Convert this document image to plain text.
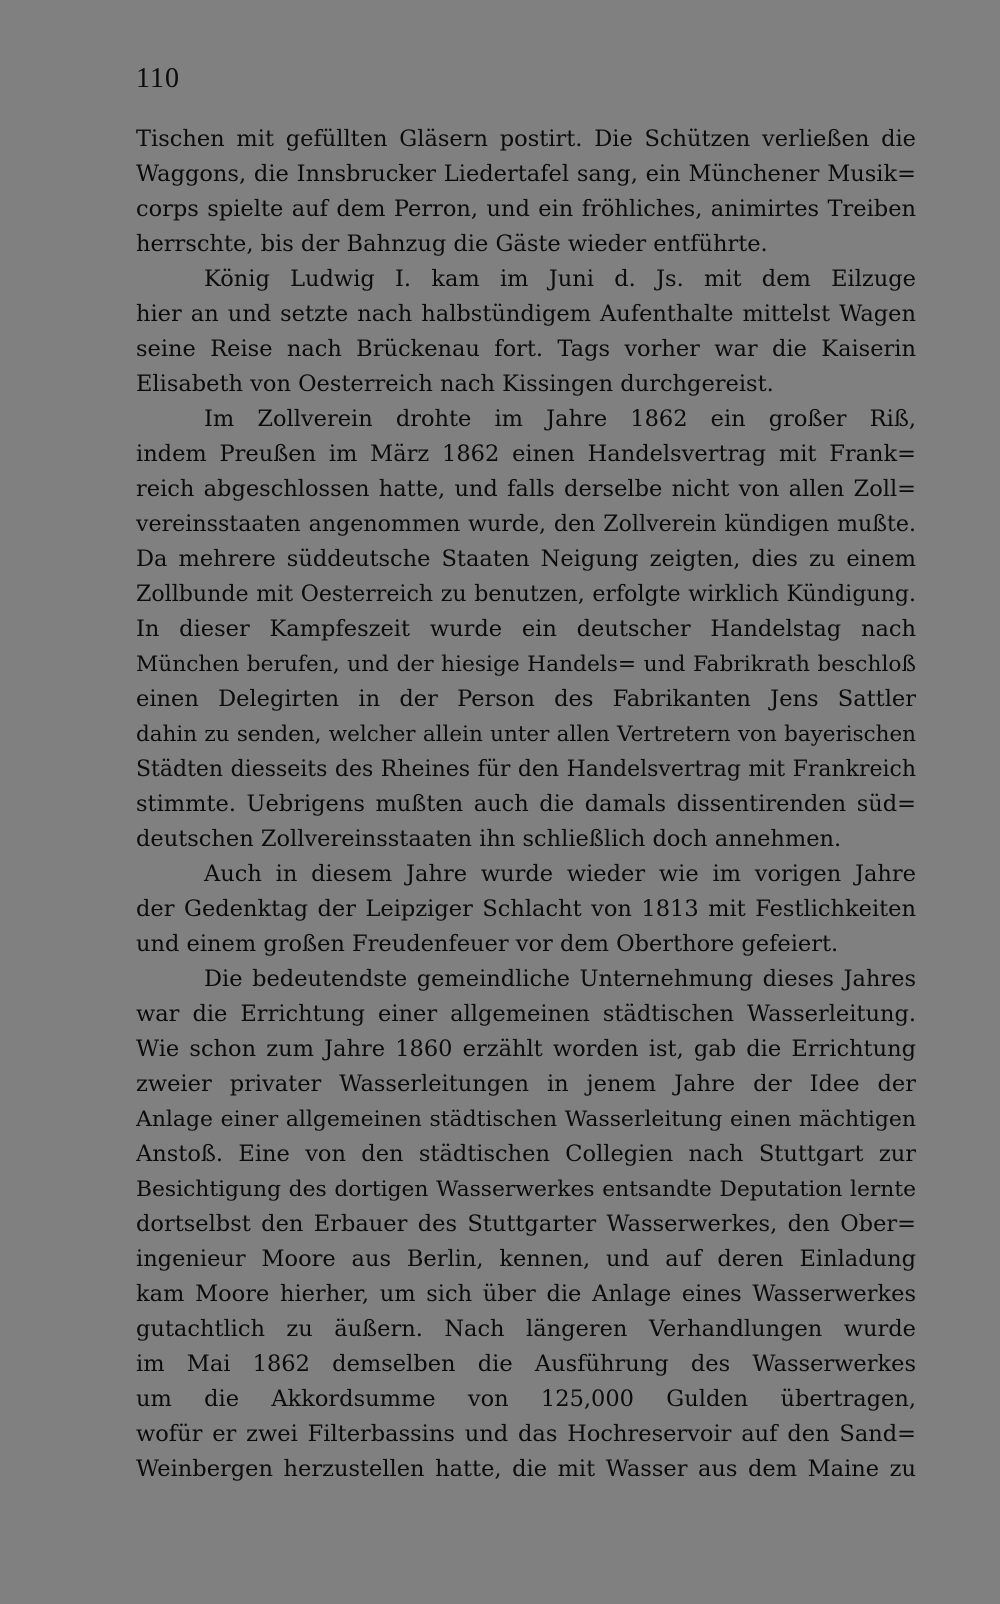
110
Tischen mit gefüllten Gläsern postirt. Die Schützen verließen die
Waggons, die Innsbrucker Liedertafel sang, ein Münchener Musik=
corps spielte auf dem Perron, und ein fröhliches, animirtes Treiben
herrschte, bis der Bahnzug die Gäste wieder entführte.
König Ludwig I. kam im Juni d. Js. mit dem Eilzuge
hier an und setzte nach halbstündigem Aufenthalte mittelst Wagen
seine Reise nach Brückenau fort. Tags vorher war die Kaiserin
Elisabeth von Oesterreich nach Kissingen durchgereist.
Im Zollverein drohte im Jahre 1862 ein großer Riß,
indem Preußen im März 1862 einen Handelsvertrag mit Frank=
reich abgeschlossen hatte, und falls derselbe nicht von allen Zoll=
vereinsstaaten angenommen wurde, den Zollverein kündigen mußte.
Da mehrere süddeutsche Staaten Neigung zeigten, dies zu einem
Zollbunde mit Oesterreich zu benutzen, erfolgte wirklich Kündigung.
In dieser Kampfeszeit wurde ein deutscher Handelstag nach
München berufen, und der hiesige Handels= und Fabrikrath beschloß
einen Delegirten in der Person des Fabrikanten Jens Sattler
dahin zu senden, welcher allein unter allen Vertretern von bayerischen
Städten diesseits des Rheines für den Handelsvertrag mit Frankreich
stimmte. Uebrigens mußten auch die damals dissentirenden süd=
deutschen Zollvereinsstaaten ihn schließlich doch annehmen.
Auch in diesem Jahre wurde wieder wie im vorigen Jahre
der Gedenktag der Leipziger Schlacht von 1813 mit Festlichkeiten
und einem großen Freudenfeuer vor dem Oberthore gefeiert.
Die bedeutendste gemeindliche Unternehmung dieses Jahres
war die Errichtung einer allgemeinen städtischen Wasserleitung.
Wie schon zum Jahre 1860 erzählt worden ist, gab die Errichtung
zweier privater Wasserleitungen in jenem Jahre der Idee der
Anlage einer allgemeinen städtischen Wasserleitung einen mächtigen
Anstoß. Eine von den städtischen Collegien nach Stuttgart zur
Besichtigung des dortigen Wasserwerkes entsandte Deputation lernte
dortselbst den Erbauer des Stuttgarter Wasserwerkes, den Ober=
ingenieur Moore aus Berlin, kennen, und auf deren Einladung
kam Moore hierher, um sich über die Anlage eines Wasserwerkes
gutachtlich zu äußern. Nach längeren Verhandlungen wurde
im Mai 1862 demselben die Ausführung des Wasserwerkes
um die Akkordsumme von 125,000 Gulden übertragen,
wofür er zwei Filterbassins und das Hochreservoir auf den Sand=
Weinbergen herzustellen hatte, die mit Wasser aus dem Maine zu
